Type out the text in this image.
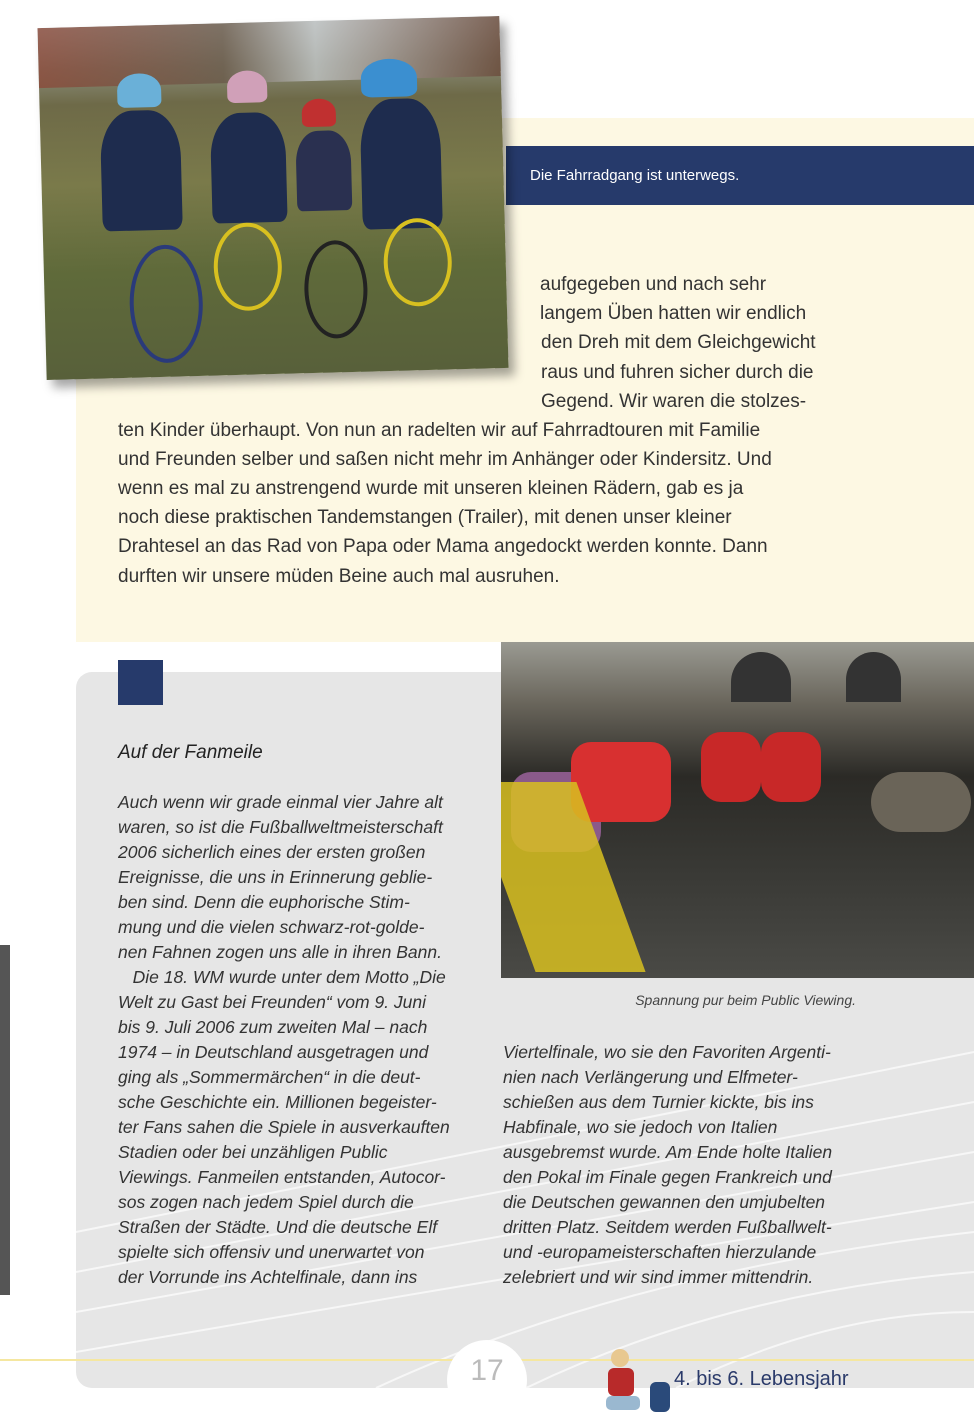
Die Fahrradgang ist unterwegs.
aufgegeben und nach sehr
langem Üben hatten wir endlich
den Dreh mit dem Gleichgewicht
raus und fuhren sicher durch die
Gegend. Wir waren die stolzes-
ten Kinder überhaupt. Von nun an radelten wir auf Fahrradtouren mit Familie
und Freunden selber und saßen nicht mehr im Anhänger oder Kindersitz. Und
wenn es mal zu anstrengend wurde mit unseren kleinen Rädern, gab es ja
noch diese praktischen Tandemstangen (Trailer), mit denen unser kleiner
Drahtesel an das Rad von Papa oder Mama angedockt werden konnte. Dann
durften wir unsere müden Beine auch mal ausruhen.
Auf der Fanmeile
Spannung pur beim Public Viewing.
Auch wenn wir grade einmal vier Jahre alt
waren, so ist die Fußballweltmeisterschaft
2006 sicherlich eines der ersten großen
Ereignisse, die uns in Erinnerung geblie-
ben sind. Denn die euphorische Stim-
mung und die vielen schwarz-rot-golde-
nen Fahnen zogen uns alle in ihren Bann.
Die 18. WM wurde unter dem Motto „Die
Welt zu Gast bei Freunden“ vom 9. Juni
bis 9. Juli 2006 zum zweiten Mal – nach
1974 – in Deutschland ausgetragen und
ging als „Sommermärchen“ in die deut-
sche Geschichte ein. Millionen begeister-
ter Fans sahen die Spiele in ausverkauften
Stadien oder bei unzähligen Public
Viewings. Fanmeilen entstanden, Autocor-
sos zogen nach jedem Spiel durch die
Straßen der Städte. Und die deutsche Elf
spielte sich offensiv und unerwartet von
der Vorrunde ins Achtelfinale, dann ins
Viertelfinale, wo sie den Favoriten Argenti-
nien nach Verlängerung und Elfmeter-
schießen aus dem Turnier kickte, bis ins
Habfinale, wo sie jedoch von Italien
ausgebremst wurde. Am Ende holte Italien
den Pokal im Finale gegen Frankreich und
die Deutschen gewannen den umjubelten
dritten Platz. Seitdem werden Fußballwelt-
und -europameisterschaften hierzulande
zelebriert und wir sind immer mittendrin.
17	4. bis 6. Lebensjahr
